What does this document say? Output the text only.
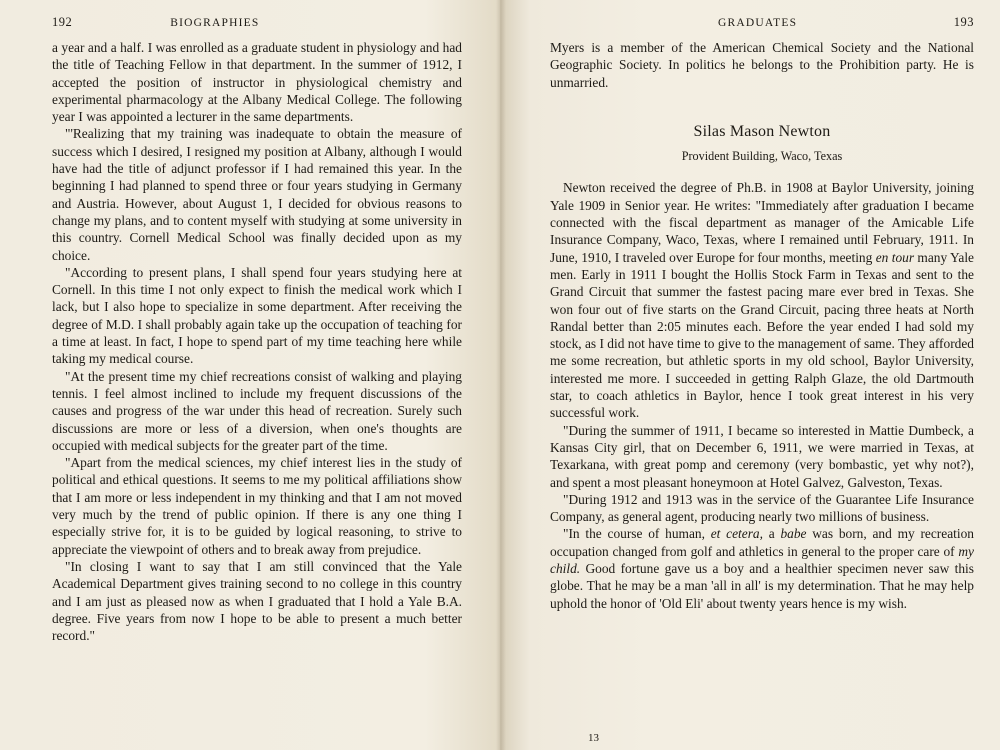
192	BIOGRAPHIES

a year and a half. I was enrolled as a graduate student in physiology and had the title of Teaching Fellow in that department. In the summer of 1912, I accepted the position of instructor in physiological chemistry and experimental pharmacology at the Albany Medical College. The following year I was appointed a lecturer in the same departments.

"'Realizing that my training was inadequate to obtain the measure of success which I desired, I resigned my position at Albany, although I would have had the title of adjunct professor if I had remained this year. In the beginning I had planned to spend three or four years studying in Germany and Austria. However, about August 1, I decided for obvious reasons to change my plans, and to content myself with studying at some university in this country. Cornell Medical School was finally decided upon as my choice.

"According to present plans, I shall spend four years studying here at Cornell. In this time I not only expect to finish the medical work which I lack, but I also hope to specialize in some department. After receiving the degree of M.D. I shall probably again take up the occupation of teaching for a time at least. In fact, I hope to spend part of my time teaching here while taking my medical course.

"At the present time my chief recreations consist of walking and playing tennis. I feel almost inclined to include my frequent discussions of the causes and progress of the war under this head of recreation. Surely such discussions are more or less of a diversion, when one's thoughts are occupied with medical subjects for the greater part of the time.

"Apart from the medical sciences, my chief interest lies in the study of political and ethical questions. It seems to me my political affiliations show that I am more or less independent in my thinking and that I am not moved very much by the trend of public opinion. If there is any one thing I especially strive for, it is to be guided by logical reasoning, to strive to appreciate the viewpoint of others and to break away from prejudice.

"In closing I want to say that I am still convinced that the Yale Academical Department gives training second to no college in this country and I am just as pleased now as when I graduated that I hold a Yale B.A. degree. Five years from now I hope to be able to present a much better record."

GRADUATES	193

Myers is a member of the American Chemical Society and the National Geographic Society. In politics he belongs to the Prohibition party. He is unmarried.

Silas Mason Newton
Provident Building, Waco, Texas

Newton received the degree of Ph.B. in 1908 at Baylor University, joining Yale 1909 in Senior year. He writes: "Immediately after graduation I became connected with the fiscal department as manager of the Amicable Life Insurance Company, Waco, Texas, where I remained until February, 1911. In June, 1910, I traveled over Europe for four months, meeting en tour many Yale men. Early in 1911 I bought the Hollis Stock Farm in Texas and sent to the Grand Circuit that summer the fastest pacing mare ever bred in Texas. She won four out of five starts on the Grand Circuit, pacing three heats at North Randal better than 2:05 minutes each. Before the year ended I had sold my stock, as I did not have time to give to the management of same. They afforded me some recreation, but athletic sports in my old school, Baylor University, interested me more. I succeeded in getting Ralph Glaze, the old Dartmouth star, to coach athletics in Baylor, hence I took great interest in his very successful work.

"During the summer of 1911, I became so interested in Mattie Dumbeck, a Kansas City girl, that on December 6, 1911, we were married in Texas, at Texarkana, with great pomp and ceremony (very bombastic, yet why not?), and spent a most pleasant honeymoon at Hotel Galvez, Galveston, Texas.

"During 1912 and 1913 was in the service of the Guarantee Life Insurance Company, as general agent, producing nearly two millions of business.

"In the course of human, et cetera, a babe was born, and my recreation occupation changed from golf and athletics in general to the proper care of my child. Good fortune gave us a boy and a healthier specimen never saw this globe. That he may be a man 'all in all' is my determination. That he may help uphold the honor of 'Old Eli' about twenty years hence is my wish.

13
